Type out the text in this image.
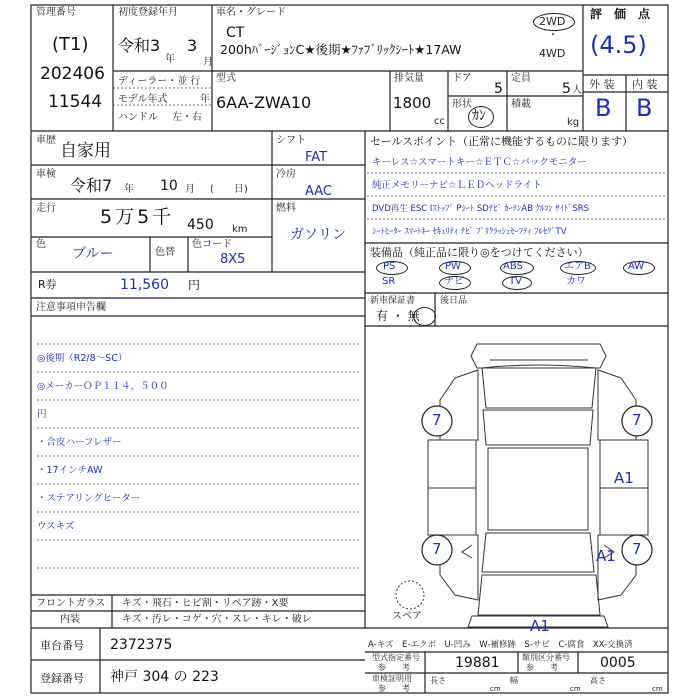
管理番号
(T1)
202406
11544
初度登録年月
令和3
年
3
月
ディーラー・並 行
モデル年式	年
ハンドル 左・右
車名・グレード
CT
200hﾊﾞｰｼﾞｮﾝC★後期★ﾌｧﾌﾞﾘｯｸｼｰﾄ★17AW
2WD
・
4WD
型式
6AA-ZWA10
排気量
1800
cc
ドア
5
定員
5 人
形状
ｶﾝ
積載
kg
評　価　点
(4.5)
外 装 内 装
B B
車歴
自家用
車検
令和7 年 10 月 (　　日)
走行 5万5千 450 km
色
ブルー	色替
色コード
8X5
シフト
FAT
冷房
AAC
燃料
ガソリン
R券	11,560 円
セールスポイント（正常に機能するものに限ります）
キーレス☆スマートキー☆ＥＴＣ☆バックモニター
純正メモリーナビ☆ＬＥＤヘッドライト
DVD再生 ESC Iｽﾄｯﾌﾟ Pｼｰﾄ SDﾅﾋﾞ ｶｰﾃﾝAB ｸﾙｺﾝ ｻｲﾄﾞSRS
ｼｰﾄﾋｰﾀｰ ｽﾏｰﾄｷｰ ｾｷｭﾘﾃｨ ﾅﾋﾞ ﾌﾟﾘｸﾗｯｼｭｾｰﾌﾃｨ ﾌﾙｾｸﾞTV
装備品（純正品に限り◎をつけてください）
PS	PW	ABS	エアB	AW
SR	ナビ	TV	カワ
新車保証書
有 ・ 無
後日品
注意事項申告欄
◎後期（R2/8〜SC）
◎メーカーＯＰ１１４，５００
円
・合皮ハーフレザー
・17インチAW
・ステアリングヒーター
ウスキズ
7	7
A1
7	A1 7
A1
スペア
フロントガラス キズ・飛石・ヒビ割・リペア跡・X要
内装	キズ・汚レ・コゲ・穴・スレ・キレ・破レ
A-キズ　E-エクボ　U-凹み　W-補修跡　S-サビ　C-腐食　XX-交換済
車台番号 2372375
登録番号 神戸 304 の 223
型式指定番号
参　　考	19881	類別区分番号
参　　考	0005
車検証明用
参　　考
長さ
cm
幅
cm
高さ
cm
